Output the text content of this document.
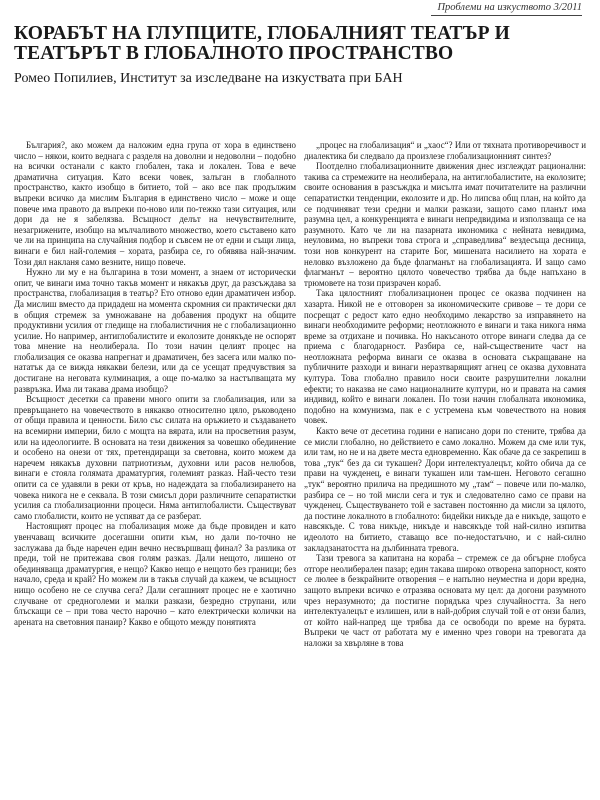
Проблеми на изкуството 3/2011
КОРАБЪТ НА ГЛУПЦИТЕ, ГЛОБАЛНИЯТ ТЕАТЪР И ТЕАТЪРЪТ В ГЛОБАЛНОТО ПРОСТРАНСТВО

Ромео Попилиев, Институт за изследване на изкуствата при БАН

България?, ако можем да наложим една група от хора в единствено число – някои, които веднага с разделя на доволни и недоволни – подобно на всички останали с както глобален, така и локален. Това е вече драматична ситуация. Като всеки човек, залъган в глобалното пространство, както изобщо в битието, той – ако все пак продължим въпреки всичко да мислим България в единствено число – може и още повече има правото да въпреки по-ново или по-тежко тази ситуация, или дори да не я забелязва. Всъщност делът на нечувствителните, незагрижените, изобщо на мълчаливото множество, което съставено като че ли на принципа на случайния подбор и съвсем не от едни и същи лица, винаги е бил най-големия – хората, разбира се, го обявява най-значим. Този дял накланя само везните, нищо повече.

Нужно ли му е на българина в този момент, а знаем от исторически опит, че винаги има точно такъв момент и някакъв друг, да разсъждава за пространства, глобализация в театър? Ето отново един драматичен избор. Да мислиш вместо да придадеш на момента скромния си практически дял в общия стремеж за умножаване на добавения продукт на общите продуктивни усилия от гледище на глобалистичния не с глобализационно усилие. Но например, антиглобалистите и еколозите донякъде не оспорят това мнение на неолиберала. По този начин целият процес на глобализация се оказва напрегнат и драматичен, без засега или малко по-нататък да се вижда някакви белези, или да се усещат предчувствия за достигане на неговата кулминация, а още по-малко за настъпващата му развръзка. Има ли такава драма изобщо?

Всъщност десетки са правени много опити за глобализация, или за превръщането на човечеството в някакво относително цяло, ръководено от общи правила и ценности. Било със силата на оръжието и създаването на всемирни империи, било с мощта на вярата, или на просветния разум, или на идеологиите. В основата на тези движения за човешко обединение и особено на онези от тях, претендиращи за световна, които можем да наречем някакъв духовни патриотизъм, духовни или расов нелюбов, винаги е стояла голямата драматургия, големият разказ. Най-често тези опити са се удавяли в реки от кръв, но надеждата за глобализирането на човека никога не е секвала. В този смисъл дори различните сепаратистки усилия са глобализационни процеси. Няма антиглобалисти. Съществуват само глобалисти, които не успяват да се разберат.

Настоящият процес на глобализация може да бъде провиден и като увенчаващ всичките досегашни опити към, но дали по-точно не заслужава да бъде наречен един вечно несвършващ финал? За разлика от преди, той не притежава своя голям разказ. Дали нещото, лишено от обединяваща драматургия, е нещо? Какво нещо е нещото без граници; без начало, среда и край? Но можем ли в такъв случай да кажем, че всъщност нищо особено не се случва сега? Дали сегашният процес не е хаотично случване от средноголеми и малки разкази, безредно струпани, или блъскащи се – при това често нарочно – като електрически колички на арената на световния панаир? Какво е общото между понятията

„процес на глобализация“ и „хаос“? Или от тяхната противоречивост и диалектика би следвало да произлезе глобализационният синтез?

Поотделно глобализационните движения днес изглеждат рационални: такива са стремежите на неолиберала, на антиглобалистите, на еколозите; своите основания в разсъждка и мисълта имат почитателите на различни сепаратистки тенденции, еколозите и др. Но липсва общ план, на който да се подчиняват тези средни и малки разкази, защото само планът има разумна цел, а конкуренцията е винаги непредвидима и използваща се на разумното. Като че ли на пазарната икономика с нейната невидима, неуловима, но въпреки това строга и „справедлива“ вездесъща десница, този нов конкурент на старите Бог, мишената насилието на хората е неловко възложено да бъде флагманът на глобализацията. И защо само флагманът – вероятно цялото човечество трябва да бъде напъхано в трюмовете на този призрачен кораб.

Така цялостният глобализационен процес се оказва подчинен на хазарта. Никой не е отговорен за икономическите сривове – те дори се посрещат с редост като едно необходимо лекарство за изправянето на винаги необходимите реформи; неотложното е винаги и така никога няма време за отдихане и почивка. Но накъсаното отгоре винаги следва да се приема с благодарност. Разбира се, най-съществените част на неотложната реформа винаги се оказва в основата съкращаване на публичните разходи и винаги неразтварящият агнец се оказва духовната култура. Това глобално правило носи своите разрушителни локални ефекти; то наказва не само националните култури, но и правата на самия индивид, който е винаги локален. По този начин глобалната икономика, подобно на комунизма, пак е с устремена към човечеството на новия човек.

Както вече от десетина години е написано дори по стените, трябва да се мисли глобално, но действието е само локално. Можем да сме или тук, или там, но не и на двете места едновременно. Как обаче да се закрепиш в това „тук“ без да си тукашен? Дори интелектуалецът, който обича да се прави на чужденец, е винаги тукашен или там-шен. Неговото сегашно „тук“ вероятно прилича на предишното му „там“ – повече или по-малко, разбира се – но той мисли сега и тук и следователно само се прави на чужденец. Съществуването той е заставен постоянно да мисли за цялото, да постине локалното в глобалното: бидейки никъде да е никъде, защото е навсякъде. С това никъде, никъде и навсякъде той най-силно изпитва идеолото на битието, ставащо все по-недостатъчно, и с най-силно закладзанатостта на дълбинната тревога.

Тази тревога за капитана на кораба – стремеж се да обгърне глобуса отгоре неолиберален пазар; един такава широко отворена запорност, която се люлее в безкрайните отворения – е напълно неуместна и дори вредна, защото въпреки всичко е отразява основата му цел: да догони разумното чрез неразумното; да постигне порядъка чрез случайността. За него интелектуалецът е излишен, или в най-добрия случай той е от онзи бализ, от който най-напред ще трябва да се освободи по време на бурята. Въпреки че част от работата му е именно чрез говори на тревогата да наложи за хвърляне в това
